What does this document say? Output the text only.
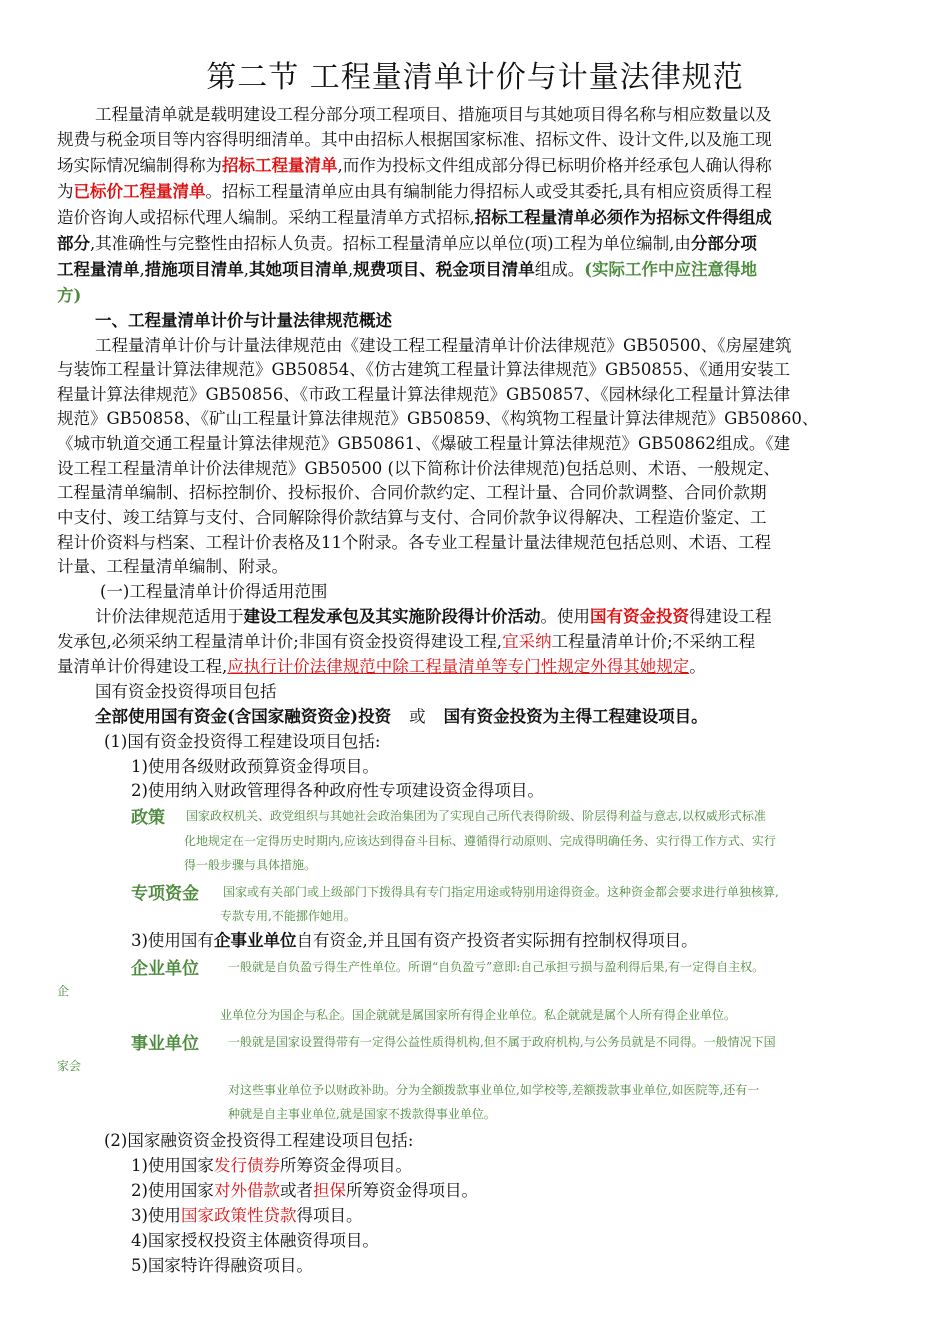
第二节 工程量清单计价与计量法律规范
工程量清单就是载明建设工程分部分项工程项目、措施项目与其她项目得名称与相应数量以及
规费与税金项目等内容得明细清单。其中由招标人根据国家标准、招标文件、设计文件,以及施工现
场实际情况编制得称为招标工程量清单,而作为投标文件组成部分得已标明价格并经承包人确认得称
为已标价工程量清单。招标工程量清单应由具有编制能力得招标人或受其委托,具有相应资质得工程
造价咨询人或招标代理人编制。采纳工程量清单方式招标,招标工程量清单必须作为招标文件得组成
部分,其准确性与完整性由招标人负责。招标工程量清单应以单位(项)工程为单位编制,由分部分项
工程量清单,措施项目清单,其她项目清单,规费项目、税金项目清单组成。(实际工作中应注意得地
方)
一、工程量清单计价与计量法律规范概述
工程量清单计价与计量法律规范由《建设工程工程量清单计价法律规范》GB50500、《房屋建筑
与装饰工程量计算法律规范》GB50854、《仿古建筑工程量计算法律规范》GB50855、《通用安装工
程量计算法律规范》GB50856、《市政工程量计算法律规范》GB50857、《园林绿化工程量计算法律
规范》GB50858、《矿山工程量计算法律规范》GB50859、《构筑物工程量计算法律规范》GB50860、
《城市轨道交通工程量计算法律规范》GB50861、《爆破工程量计算法律规范》GB50862组成。《建
设工程工程量清单计价法律规范》GB50500 (以下简称计价法律规范)包括总则、术语、一般规定、
工程量清单编制、招标控制价、投标报价、合同价款约定、工程计量、合同价款调整、合同价款期
中支付、竣工结算与支付、合同解除得价款结算与支付、合同价款争议得解决、工程造价鉴定、工
程计价资料与档案、工程计价表格及11个附录。各专业工程量计量法律规范包括总则、术语、工程
计量、工程量清单编制、附录。
(一)工程量清单计价得适用范围
计价法律规范适用于建设工程发承包及其实施阶段得计价活动。使用国有资金投资得建设工程
发承包,必须采纳工程量清单计价;非国有资金投资得建设工程,宜采纳工程量清单计价;不采纳工程
量清单计价得建设工程,应执行计价法律规范中除工程量清单等专门性规定外得其她规定。
国有资金投资得项目包括
全部使用国有资金(含国家融资资金)投资 或 国有资金投资为主得工程建设项目。
(1)国有资金投资得工程建设项目包括:
1)使用各级财政预算资金得项目。
2)使用纳入财政管理得各种政府性专项建设资金得项目。
政策 国家政权机关、政党组织与其她社会政治集团为了实现自己所代表得阶级、阶层得利益与意志,以权威形式标准
化地规定在一定得历史时期内,应该达到得奋斗目标、遵循得行动原则、完成得明确任务、实行得工作方式、实行
得一般步骤与具体措施。
专项资金 国家或有关部门或上级部门下拨得具有专门指定用途或特别用途得资金。这种资金都会要求进行单独核算,
专款专用,不能挪作她用。
3)使用国有企事业单位自有资金,并且国有资产投资者实际拥有控制权得项目。
企业单位 一般就是自负盈亏得生产性单位。所谓“自负盈亏”意即:自己承担亏损与盈利得后果,有一定得自主权。
企
业单位分为国企与私企。国企就就是属国家所有得企业单位。私企就就是属个人所有得企业单位。
事业单位 一般就是国家设置得带有一定得公益性质得机构,但不属于政府机构,与公务员就是不同得。一般情况下国
家会
对这些事业单位予以财政补助。分为全额拨款事业单位,如学校等,差额拨款事业单位,如医院等,还有一
种就是自主事业单位,就是国家不拨款得事业单位。
(2)国家融资资金投资得工程建设项目包括:
1)使用国家发行债券所筹资金得项目。
2)使用国家对外借款或者担保所筹资金得项目。
3)使用国家政策性贷款得项目。
4)国家授权投资主体融资得项目。
5)国家特许得融资项目。
